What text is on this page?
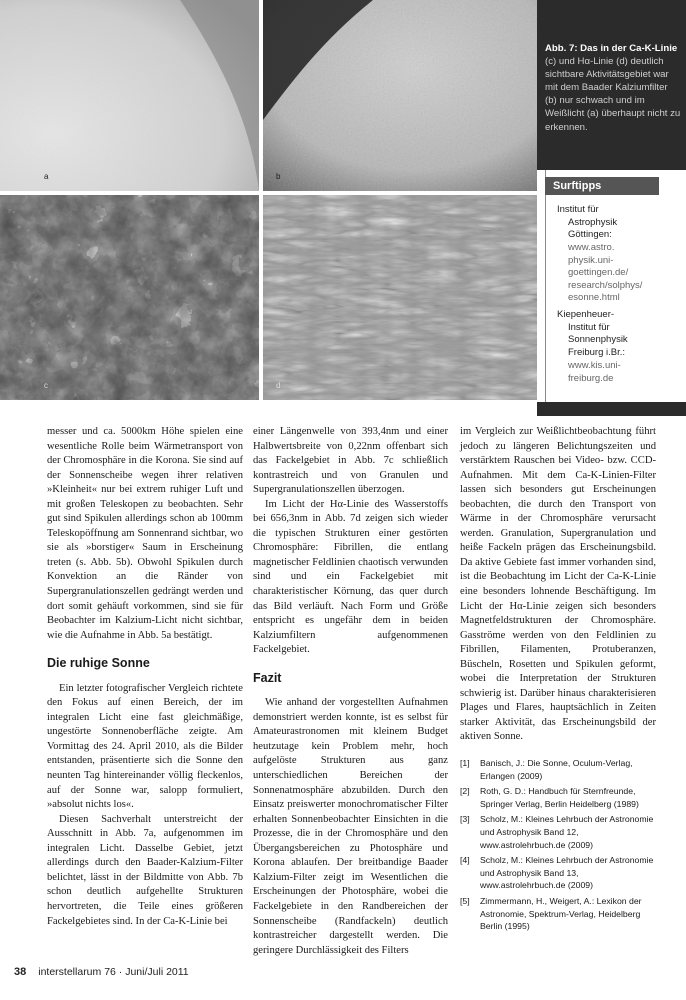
a	b
c	d
Abb. 7: Das in der Ca-K-Linie (c) und Hα-Linie (d) deutlich sichtbare Aktivitätsgebiet war mit dem Baader Kalziumfilter (b) nur schwach und im Weißlicht (a) überhaupt nicht zu erkennen.
Surftipps
Institut für
Astrophysik
Göttingen:
www.astro.
physik.uni-
goettingen.de/
research/solphys/
esonne.html
Kiepenheuer-
Institut für
Sonnenphysik
Freiburg i.Br.:
www.kis.uni-
freiburg.de

messer und ca. 5000km Höhe spielen eine wesentliche Rolle beim Wärmetransport von der Chromosphäre in die Korona. Sie sind auf der Sonnenscheibe wegen ihrer relativen »Kleinheit« nur bei extrem ruhiger Luft und mit großen Teleskopen zu beobachten. Sehr gut sind Spikulen allerdings schon ab 100mm Teleskopöffnung am Sonnenrand sichtbar, wo sie als »borstiger« Saum in Erscheinung treten (s. Abb. 5b). Obwohl Spikulen durch Konvektion an die Ränder von Supergranulationszellen gedrängt werden und dort somit gehäuft vorkommen, sind sie für Beobachter im Kalzium-Licht nicht sichtbar, wie die Aufnahme in Abb. 5a bestätigt.

Die ruhige Sonne

Ein letzter fotografischer Vergleich richtete den Fokus auf einen Bereich, der im integralen Licht eine fast gleichmäßige, ungestörte Sonnenoberfläche zeigte. Am Vormittag des 24. April 2010, als die Bilder entstanden, präsentierte sich die Sonne den neunten Tag hintereinander völlig fleckenlos, auf der Sonne war, salopp formuliert, »absolut nichts los«.

Diesen Sachverhalt unterstreicht der Ausschnitt in Abb. 7a, aufgenommen im integralen Licht. Dasselbe Gebiet, jetzt allerdings durch den Baader-Kalzium-Filter belichtet, lässt in der Bildmitte von Abb. 7b schon deutlich aufgehellte Strukturen hervortreten, die Teile eines größeren Fackelgebietes sind. In der Ca-K-Linie bei

einer Längenwelle von 393,4nm und einer Halbwertsbreite von 0,22nm offenbart sich das Fackelgebiet in Abb. 7c schließlich kontrastreich und von Granulen und Supergranulationszellen überzogen.

Im Licht der Hα-Linie des Wasserstoffs bei 656,3nm in Abb. 7d zeigen sich wieder die typischen Strukturen einer gestörten Chromosphäre: Fibrillen, die entlang magnetischer Feldlinien chaotisch verwunden sind und ein Fackelgebiet mit charakteristischer Körnung, das quer durch das Bild verläuft. Nach Form und Größe entspricht es ungefähr dem in beiden Kalziumfiltern aufgenommenen Fackelgebiet.

Fazit

Wie anhand der vorgestellten Aufnahmen demonstriert werden konnte, ist es selbst für Amateurastronomen mit kleinem Budget heutzutage kein Problem mehr, hoch aufgelöste Strukturen aus ganz unterschiedlichen Bereichen der Sonnenatmosphäre abzubilden. Durch den Einsatz preiswerter monochromatischer Filter erhalten Sonnenbeobachter Einsichten in die Prozesse, die in der Chromosphäre und den Übergangsbereichen zu Photosphäre und Korona ablaufen. Der breitbandige Baader Kalzium-Filter zeigt im Wesentlichen die Erscheinungen der Photosphäre, wobei die Fackelgebiete in den Randbereichen der Sonnenscheibe (Randfackeln) deutlich kontrastreicher dargestellt werden. Die geringere Durchlässigkeit des Filters

im Vergleich zur Weißlichtbeobachtung führt jedoch zu längeren Belichtungszeiten und verstärktem Rauschen bei Video- bzw. CCD-Aufnahmen. Mit dem Ca-K-Linien-Filter lassen sich besonders gut Erscheinungen beobachten, die durch den Transport von Wärme in der Chromosphäre verursacht werden. Granulation, Supergranulation und heiße Fackeln prägen das Erscheinungsbild. Da aktive Gebiete fast immer vorhanden sind, ist die Beobachtung im Licht der Ca-K-Linie eine besonders lohnende Beschäftigung. Im Licht der Hα-Linie zeigen sich besonders Magnetfeldstrukturen der Chromosphäre. Gasströme werden von den Feldlinien zu Fibrillen, Filamenten, Protuberanzen, Büscheln, Rosetten und Spikulen geformt, wobei die Interpretation der Strukturen schwierig ist. Darüber hinaus charakterisieren Plages und Flares, hauptsächlich in Zeiten starker Aktivität, das Erscheinungsbild der aktiven Sonne.

[1]	Banisch, J.: Die Sonne, Oculum-Verlag, Erlangen (2009)
[2]	Roth, G. D.: Handbuch für Sternfreunde, Springer Verlag, Berlin Heidelberg (1989)
[3]	Scholz, M.: Kleines Lehrbuch der Astronomie und Astrophysik Band 12, www.astrolehrbuch.de (2009)
[4]	Scholz, M.: Kleines Lehrbuch der Astronomie und Astrophysik Band 13, www.astrolehrbuch.de (2009)
[5]	Zimmermann, H., Weigert, A.: Lexikon der Astronomie, Spektrum-Verlag, Heidelberg Berlin (1995)
38 interstellarum 76 · Juni/Juli 2011
